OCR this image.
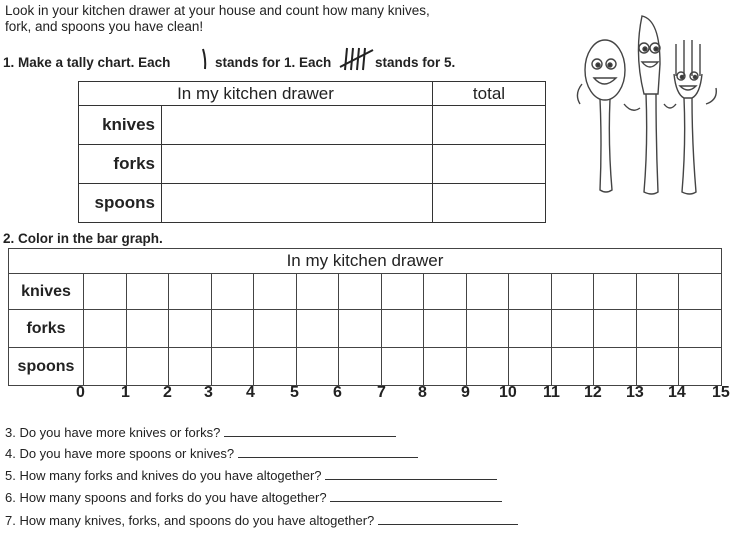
Look in your kitchen drawer at your house and count how many knives,
fork, and spoons you have clean!
1. Make a tally chart. Each	stands for 1. Each	stands for 5.
In my kitchen drawer		total
knives		
forks		
spoons		
2. Color in the bar graph.
In my kitchen drawer															
knives															
forks															
spoons															
0 1 2 3 4 5 6 7 8 9 10 11 12 13 14 15
3. Do you have more knives or forks?
4. Do you have more spoons or knives?
5. How many forks and knives do you have altogether?
6. How many spoons and forks do you have altogether?
7. How many knives, forks, and spoons do you have altogether?
